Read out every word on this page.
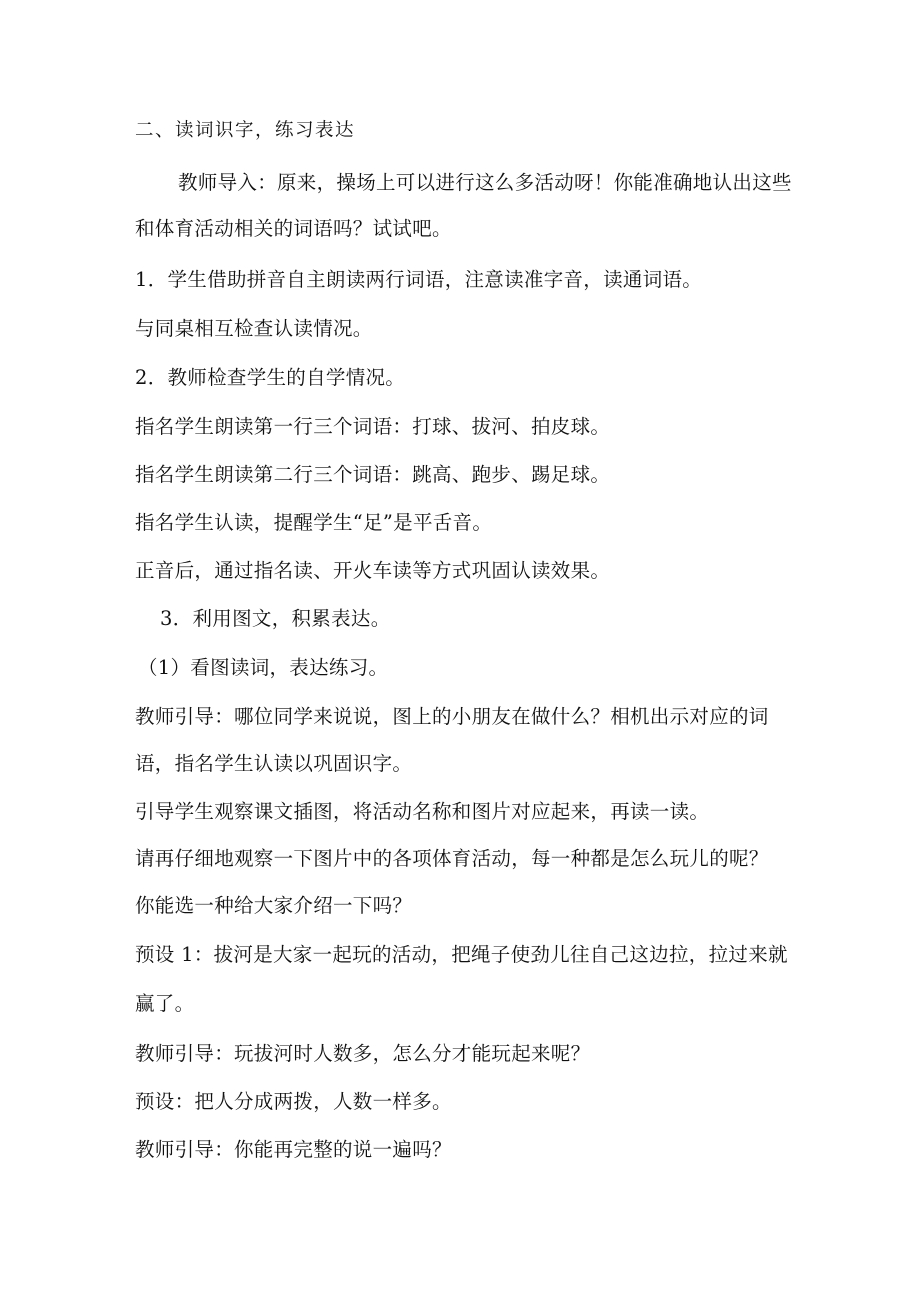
二、读词识字，练习表达
教师导入：原来，操场上可以进行这么多活动呀！你能准确地认出这些
和体育活动相关的词语吗？试试吧。
1．学生借助拼音自主朗读两行词语，注意读准字音，读通词语。
与同桌相互检查认读情况。
2．教师检查学生的自学情况。
指名学生朗读第一行三个词语：打球、拔河、拍皮球。
指名学生朗读第二行三个词语：跳高、跑步、踢足球。
指名学生认读，提醒学生“足”是平舌音。
正音后，通过指名读、开火车读等方式巩固认读效果。
3．利用图文，积累表达。
（1）看图读词，表达练习。
教师引导：哪位同学来说说，图上的小朋友在做什么？相机出示对应的词
语，指名学生认读以巩固识字。
引导学生观察课文插图，将活动名称和图片对应起来，再读一读。
请再仔细地观察一下图片中的各项体育活动，每一种都是怎么玩儿的呢？
你能选一种给大家介绍一下吗？
预设 1：拔河是大家一起玩的活动，把绳子使劲儿往自己这边拉，拉过来就
赢了。
教师引导：玩拔河时人数多，怎么分才能玩起来呢？
预设：把人分成两拨，人数一样多。
教师引导：你能再完整的说一遍吗？
